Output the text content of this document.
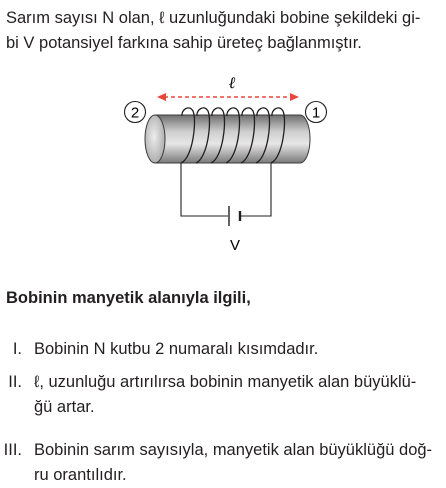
Sarım sayısı N olan, ℓ uzunluğundaki bobine şekildeki gi-
bi V potansiyel farkına sahip üreteç bağlanmıştır.

ℓ
2	1
V

Bobinin manyetik alanıyla ilgili,

I. Bobinin N kutbu 2 numaralı kısımdadır.
II. ℓ, uzunluğu artırılırsa bobinin manyetik alan büyüklü-
ğü artar.
III. Bobinin sarım sayısıyla, manyetik alan büyüklüğü doğ-
ru orantılıdır.
